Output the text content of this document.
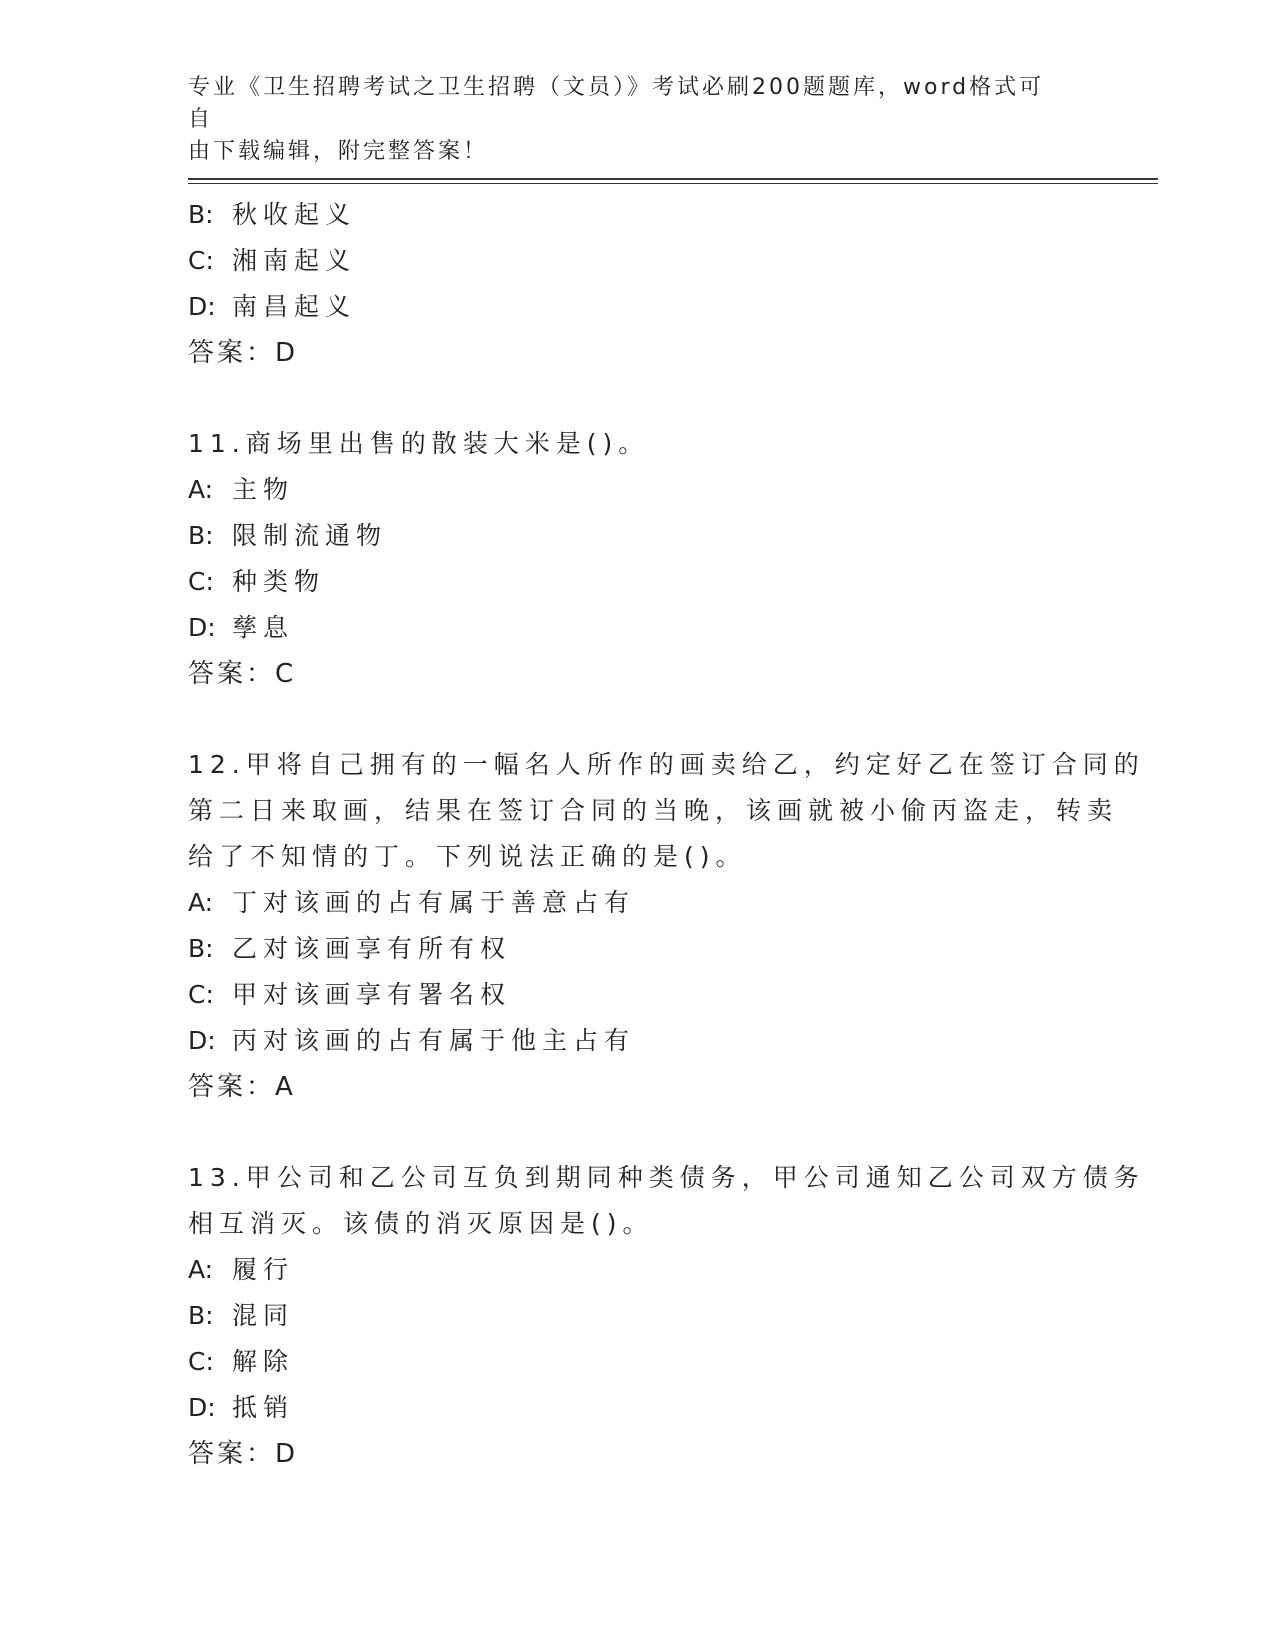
专业《卫生招聘考试之卫生招聘（文员）》考试必刷200题题库，word格式可自
由下载编辑，附完整答案！
B: 秋收起义
C: 湘南起义
D: 南昌起义
答案：D
11.商场里出售的散装大米是()。
A: 主物
B: 限制流通物
C: 种类物
D: 孳息
答案：C
12.甲将自己拥有的一幅名人所作的画卖给乙，约定好乙在签订合同的
第二日来取画，结果在签订合同的当晚，该画就被小偷丙盗走，转卖
给了不知情的丁。下列说法正确的是()。
A: 丁对该画的占有属于善意占有
B: 乙对该画享有所有权
C: 甲对该画享有署名权
D: 丙对该画的占有属于他主占有
答案：A
13.甲公司和乙公司互负到期同种类债务，甲公司通知乙公司双方债务
相互消灭。该债的消灭原因是()。
A: 履行
B: 混同
C: 解除
D: 抵销
答案：D
